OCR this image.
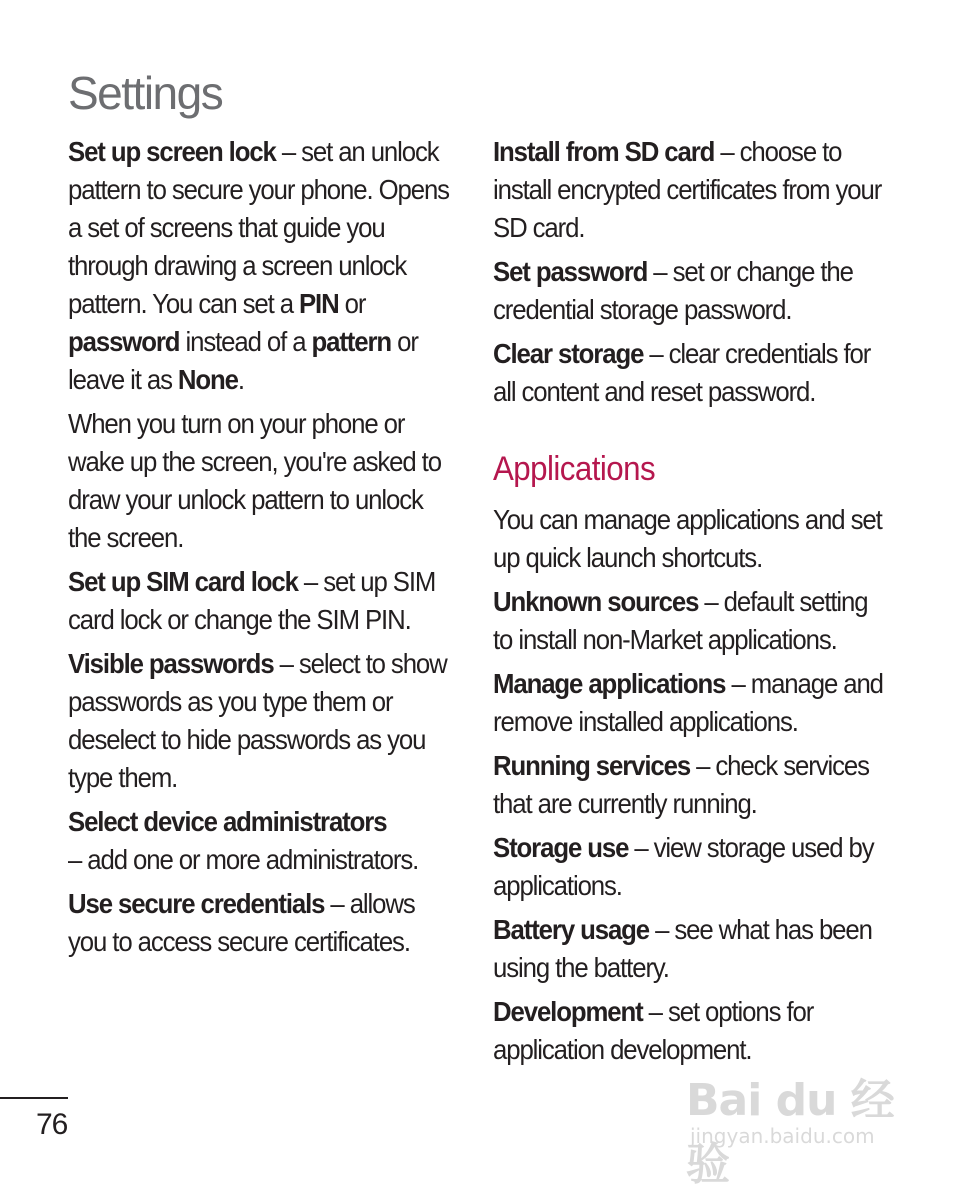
Settings

Set up screen lock – set an unlock pattern to secure your phone. Opens a set of screens that guide you through drawing a screen unlock pattern. You can set a PIN or password instead of a pattern or leave it as None.

When you turn on your phone or wake up the screen, you're asked to draw your unlock pattern to unlock the screen.

Set up SIM card lock – set up SIM card lock or change the SIM PIN.

Visible passwords – select to show passwords as you type them or deselect to hide passwords as you type them.

Select device administrators
– add one or more administrators.

Use secure credentials – allows you to access secure certificates.

Install from SD card – choose to install encrypted certificates from your SD card.

Set password – set or change the credential storage password.

Clear storage – clear credentials for all content and reset password.

Applications

You can manage applications and set up quick launch shortcuts.

Unknown sources – default setting to install non-Market applications.

Manage applications – manage and remove installed applications.

Running services – check services that are currently running.

Storage use – view storage used by applications.

Battery usage – see what has been using the battery.

Development – set options for application development.

76	Bai du 经验
jingyan.baidu.com
